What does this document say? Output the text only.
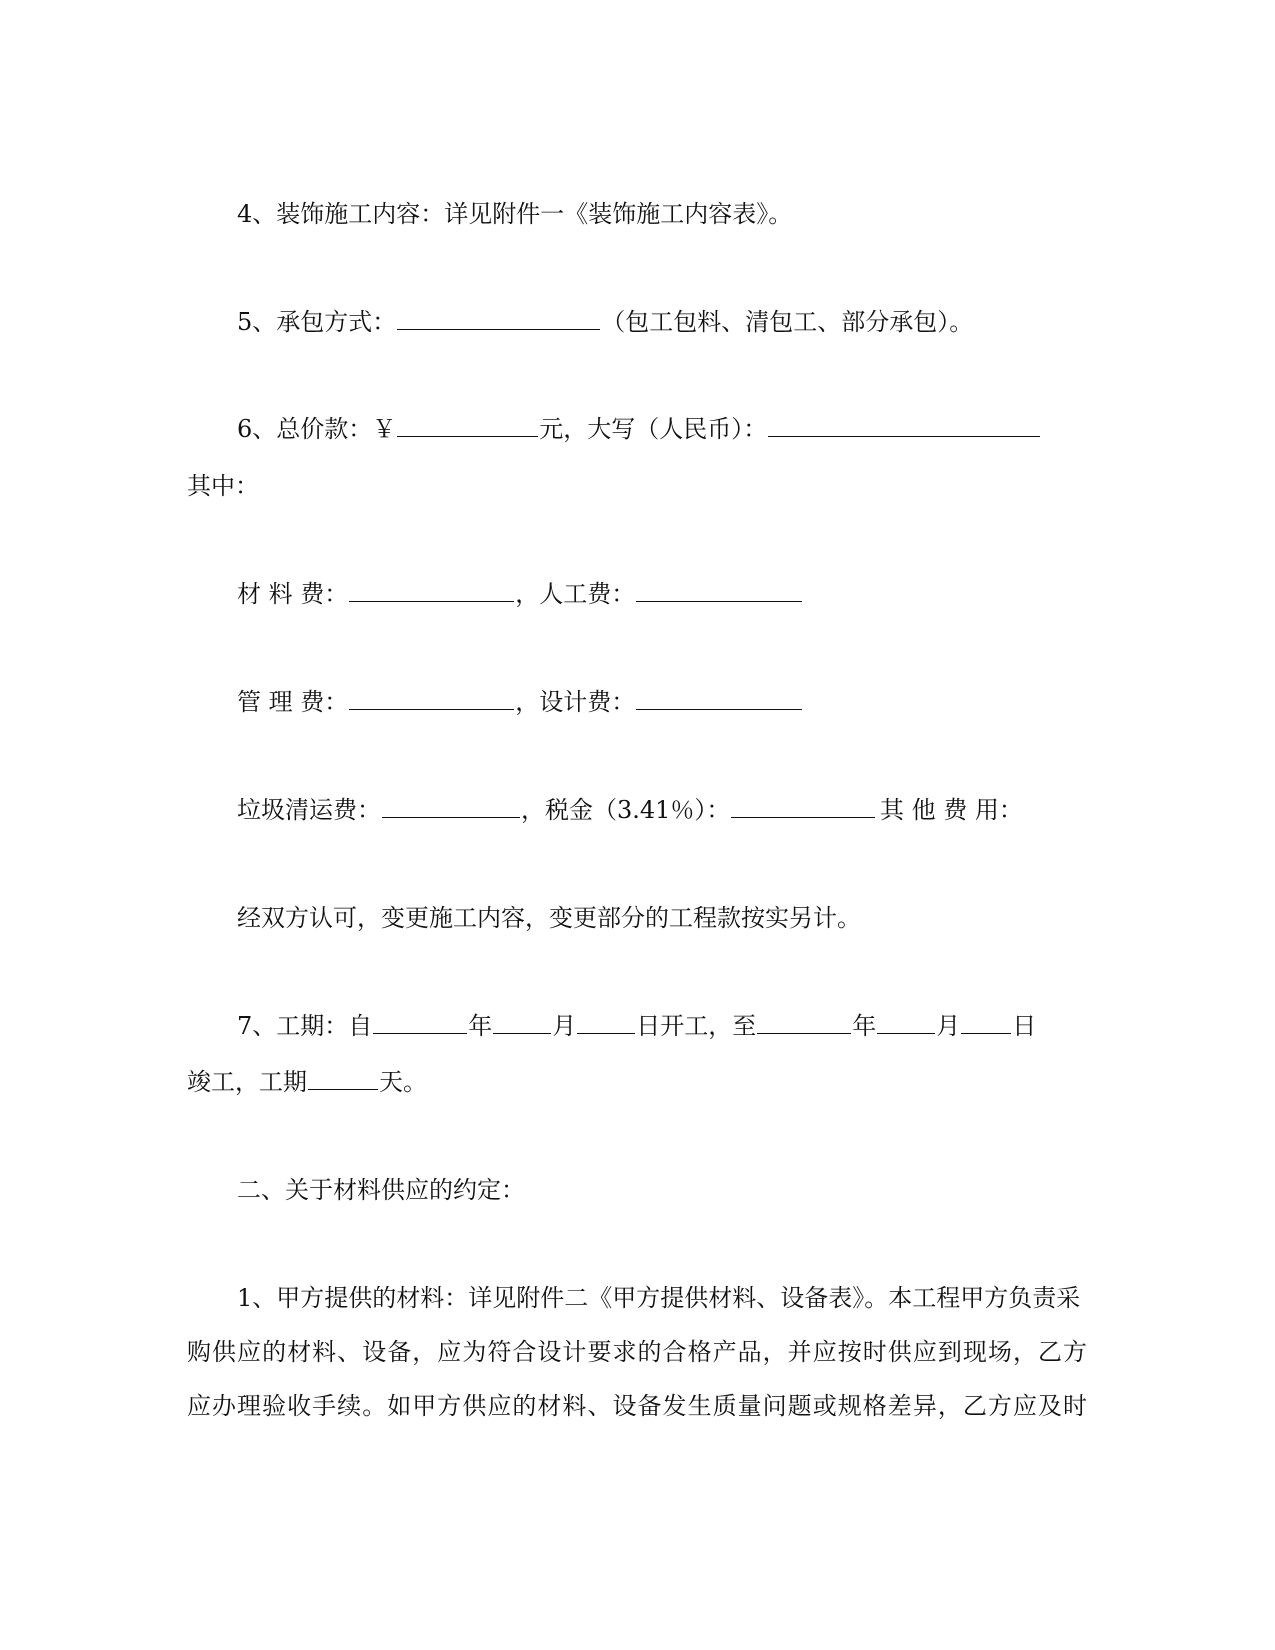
4、装饰施工内容：详见附件一《装饰施工内容表》。
5、承包方式：	（包工包料、清包工、部分承包）。
6、总价款：￥	元，大写（人民币）：
其中：
材 料 费：	，人工费：
管 理 费：	，设计费：
垃圾清运费：	，税金（3.41％）：	其 他 费 用：
经双方认可，变更施工内容，变更部分的工程款按实另计。
7、工期：自	年	月	日开工，至	年	月 日
竣工，工期	天。
二、关于材料供应的约定：
1、甲方提供的材料：详见附件二《甲方提供材料、设备表》。本工程甲方负责采
购供应的材料、设备，应为符合设计要求的合格产品，并应按时供应到现场，乙方
应办理验收手续。如甲方供应的材料、设备发生质量问题或规格差异，乙方应及时
